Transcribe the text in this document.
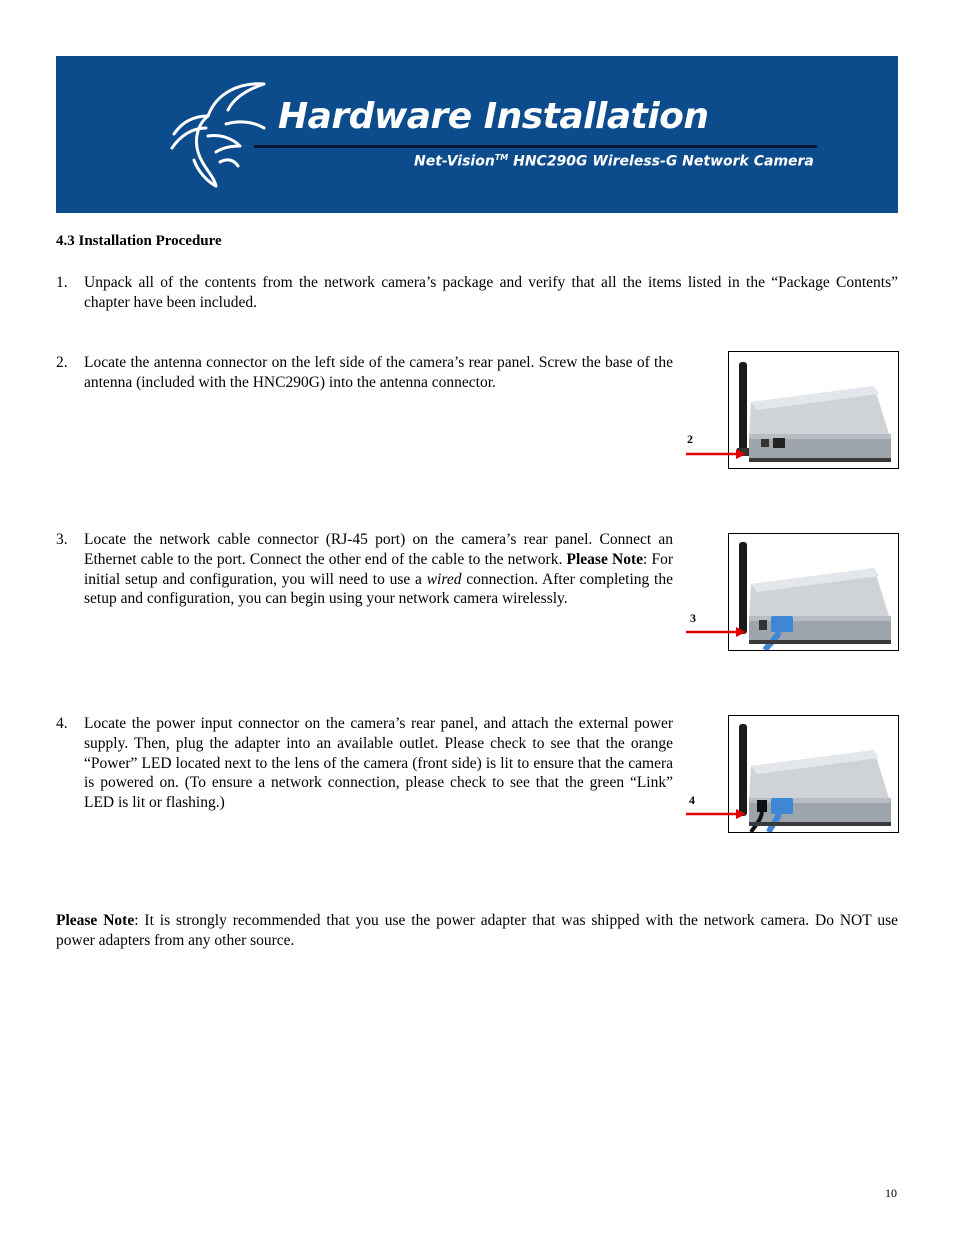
Hardware Installation
Net-Vision™ HNC290G Wireless-G Network Camera
4.3 Installation Procedure
1. Unpack all of the contents from the network camera’s package and verify that all the items listed in the “Package Contents” chapter have been included.
2. Locate the antenna connector on the left side of the camera’s rear panel. Screw the base of the antenna (included with the HNC290G) into the antenna connector.
2
3. Locate the network cable connector (RJ-45 port) on the camera’s rear panel. Connect an Ethernet cable to the port. Connect the other end of the cable to the network. Please Note: For initial setup and configuration, you will need to use a wired connection. After completing the setup and configuration, you can begin using your network camera wirelessly.
3
4. Locate the power input connector on the camera’s rear panel, and attach the external power supply. Then, plug the adapter into an available outlet. Please check to see that the orange “Power” LED located next to the lens of the camera (front side) is lit to ensure that the camera is powered on. (To ensure a network connection, please check to see that the green “Link” LED is lit or flashing.)	4
Please Note: It is strongly recommended that you use the power adapter that was shipped with the network camera. Do NOT use power adapters from any other source.
10
